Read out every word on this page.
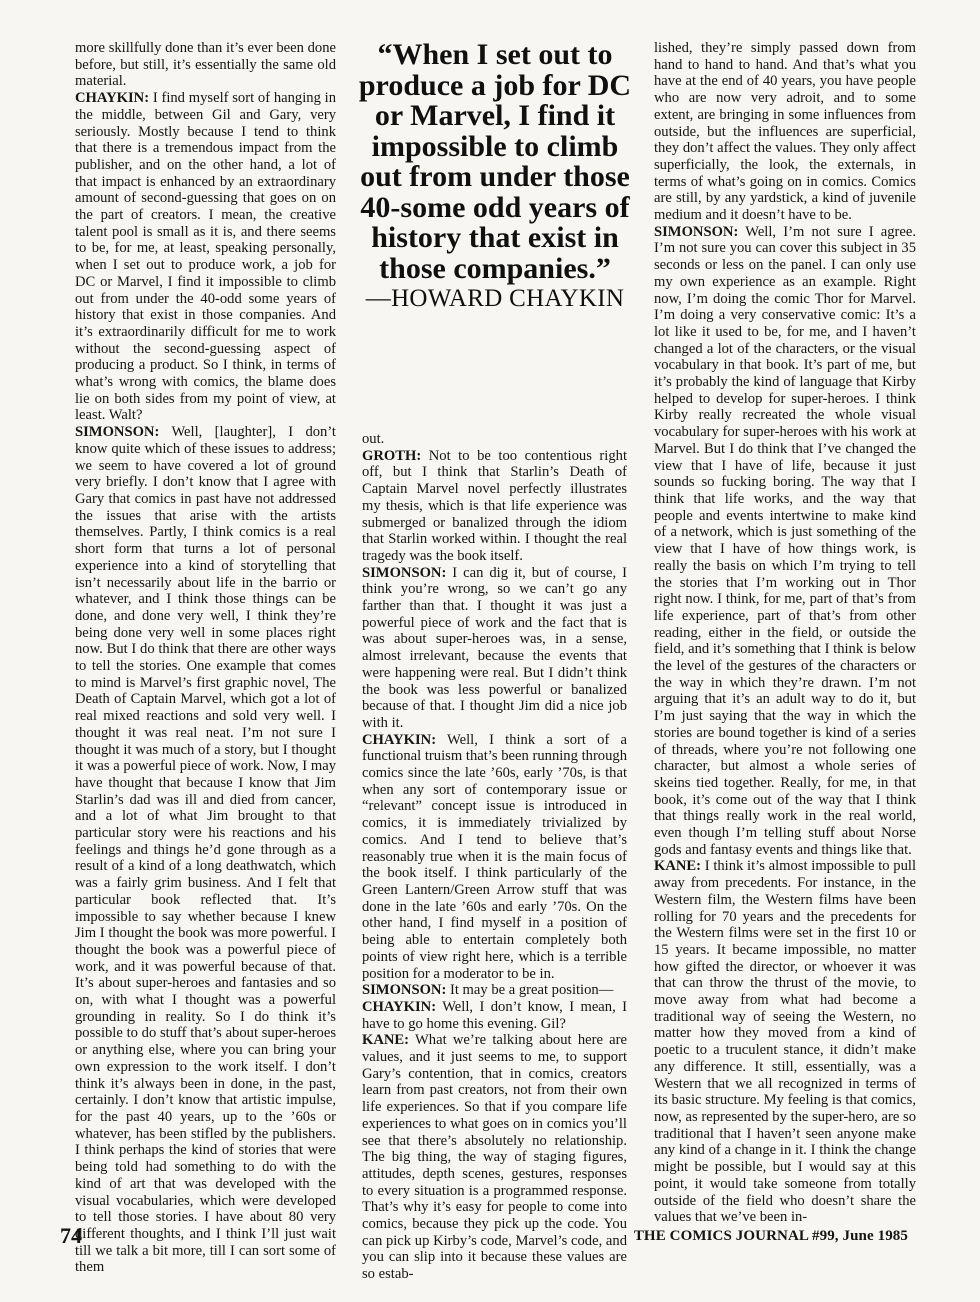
more skillfully done than it’s ever been done before, but still, it’s essentially the same old material.

CHAYKIN: I find myself sort of hanging in the middle, between Gil and Gary, very seriously. Mostly because I tend to think that there is a tremendous impact from the publisher, and on the other hand, a lot of that impact is enhanced by an extraordinary amount of second-guessing that goes on on the part of creators. I mean, the creative talent pool is small as it is, and there seems to be, for me, at least, speaking personally, when I set out to produce work, a job for DC or Marvel, I find it impossible to climb out from under the 40-odd some years of history that exist in those companies. And it’s extraordinarily difficult for me to work without the second-guessing aspect of producing a product. So I think, in terms of what’s wrong with comics, the blame does lie on both sides from my point of view, at least. Walt?

SIMONSON: Well, [laughter], I don’t know quite which of these issues to address; we seem to have covered a lot of ground very briefly. I don’t know that I agree with Gary that comics in past have not addressed the issues that arise with the artists themselves. Partly, I think comics is a real short form that turns a lot of personal experience into a kind of storytelling that isn’t necessarily about life in the barrio or whatever, and I think those things can be done, and done very well, I think they’re being done very well in some places right now. But I do think that there are other ways to tell the stories. One example that comes to mind is Marvel’s first graphic novel, The Death of Captain Marvel, which got a lot of real mixed reactions and sold very well. I thought it was real neat. I’m not sure I thought it was much of a story, but I thought it was a powerful piece of work. Now, I may have thought that because I know that Jim Starlin’s dad was ill and died from cancer, and a lot of what Jim brought to that particular story were his reactions and his feelings and things he’d gone through as a result of a kind of a long deathwatch, which was a fairly grim business. And I felt that particular book reflected that. It’s impossible to say whether because I knew Jim I thought the book was more powerful. I thought the book was a powerful piece of work, and it was powerful because of that. It’s about super-heroes and fantasies and so on, with what I thought was a powerful grounding in reality. So I do think it’s possible to do stuff that’s about super-heroes or anything else, where you can bring your own expression to the work itself. I don’t think it’s always been in done, in the past, certainly. I don’t know that artistic impulse, for the past 40 years, up to the ’60s or whatever, has been stifled by the publishers. I think perhaps the kind of stories that were being told had something to do with the kind of art that was developed with the visual vocabularies, which were developed to tell those stories. I have about 80 very different thoughts, and I think I’ll just wait till we talk a bit more, till I can sort some of them

“When I set out to produce a job for DC or Marvel, I find it impossible to climb out from under those 40-some odd years of history that exist in those companies.”
—HOWARD CHAYKIN

out.

GROTH: Not to be too contentious right off, but I think that Starlin’s Death of Captain Marvel novel perfectly illustrates my thesis, which is that life experience was submerged or banalized through the idiom that Starlin worked within. I thought the real tragedy was the book itself.

SIMONSON: I can dig it, but of course, I think you’re wrong, so we can’t go any farther than that. I thought it was just a powerful piece of work and the fact that is was about super-heroes was, in a sense, almost irrelevant, because the events that were happening were real. But I didn’t think the book was less powerful or banalized because of that. I thought Jim did a nice job with it.

CHAYKIN: Well, I think a sort of a functional truism that’s been running through comics since the late ’60s, early ’70s, is that when any sort of contemporary issue or “relevant” concept issue is introduced in comics, it is immediately trivialized by comics. And I tend to believe that’s reasonably true when it is the main focus of the book itself. I think particularly of the Green Lantern/Green Arrow stuff that was done in the late ’60s and early ’70s. On the other hand, I find myself in a position of being able to entertain completely both points of view right here, which is a terrible position for a moderator to be in.

SIMONSON: It may be a great position—

CHAYKIN: Well, I don’t know, I mean, I have to go home this evening. Gil?

KANE: What we’re talking about here are values, and it just seems to me, to support Gary’s contention, that in comics, creators learn from past creators, not from their own life experiences. So that if you compare life experiences to what goes on in comics you’ll see that there’s absolutely no relationship. The big thing, the way of staging figures, attitudes, depth scenes, gestures, responses to every situation is a programmed response. That’s why it’s easy for people to come into comics, because they pick up the code. You can pick up Kirby’s code, Marvel’s code, and you can slip into it because these values are so estab-

lished, they’re simply passed down from hand to hand to hand. And that’s what you have at the end of 40 years, you have people who are now very adroit, and to some extent, are bringing in some influences from outside, but the influences are superficial, they don’t affect the values. They only affect superficially, the look, the externals, in terms of what’s going on in comics. Comics are still, by any yardstick, a kind of juvenile medium and it doesn’t have to be.

SIMONSON: Well, I’m not sure I agree. I’m not sure you can cover this subject in 35 seconds or less on the panel. I can only use my own experience as an example. Right now, I’m doing the comic Thor for Marvel. I’m doing a very conservative comic: It’s a lot like it used to be, for me, and I haven’t changed a lot of the characters, or the visual vocabulary in that book. It’s part of me, but it’s probably the kind of language that Kirby helped to develop for super-heroes. I think Kirby really recreated the whole visual vocabulary for super-heroes with his work at Marvel. But I do think that I’ve changed the view that I have of life, because it just sounds so fucking boring. The way that I think that life works, and the way that people and events intertwine to make kind of a network, which is just something of the view that I have of how things work, is really the basis on which I’m trying to tell the stories that I’m working out in Thor right now. I think, for me, part of that’s from life experience, part of that’s from other reading, either in the field, or outside the field, and it’s something that I think is below the level of the gestures of the characters or the way in which they’re drawn. I’m not arguing that it’s an adult way to do it, but I’m just saying that the way in which the stories are bound together is kind of a series of threads, where you’re not following one character, but almost a whole series of skeins tied together. Really, for me, in that book, it’s come out of the way that I think that things really work in the real world, even though I’m telling stuff about Norse gods and fantasy events and things like that.

KANE: I think it’s almost impossible to pull away from precedents. For instance, in the Western film, the Western films have been rolling for 70 years and the precedents for the Western films were set in the first 10 or 15 years. It became impossible, no matter how gifted the director, or whoever it was that can throw the thrust of the movie, to move away from what had become a traditional way of seeing the Western, no matter how they moved from a kind of poetic to a truculent stance, it didn’t make any difference. It still, essentially, was a Western that we all recognized in terms of its basic structure. My feeling is that comics, now, as represented by the super-hero, are so traditional that I haven’t seen anyone make any kind of a change in it. I think the change might be possible, but I would say at this point, it would take someone from totally outside of the field who doesn’t share the values that we’ve been in-

74	THE COMICS JOURNAL #99, June 1985
